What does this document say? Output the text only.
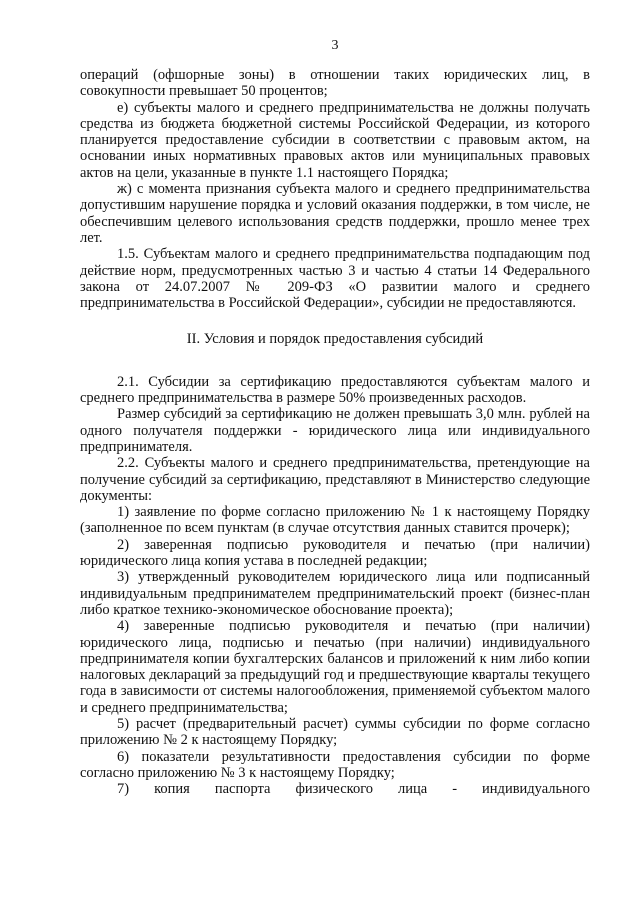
3

операций (офшорные зоны) в отношении таких юридических лиц, в совокупности превышает 50 процентов;

е) субъекты малого и среднего предпринимательства не должны получать средства из бюджета бюджетной системы Российской Федерации, из которого планируется предоставление субсидии в соответствии с правовым актом, на основании иных нормативных правовых актов или муниципальных правовых актов на цели, указанные в пункте 1.1 настоящего Порядка;

ж) с момента признания субъекта малого и среднего предпринимательства допустившим нарушение порядка и условий оказания поддержки, в том числе, не обеспечившим целевого использования средств поддержки, прошло менее трех лет.

1.5. Субъектам малого и среднего предпринимательства подпадающим под действие норм, предусмотренных частью 3 и частью 4 статьи 14 Федерального закона от 24.07.2007 № 209-ФЗ «О развитии малого и среднего предпринимательства в Российской Федерации», субсидии не предоставляются.

II. Условия и порядок предоставления субсидий

2.1. Субсидии за сертификацию предоставляются субъектам малого и среднего предпринимательства в размере 50% произведенных расходов.

Размер субсидий за сертификацию не должен превышать 3,0 млн. рублей на одного получателя поддержки - юридического лица или индивидуального предпринимателя.

2.2. Субъекты малого и среднего предпринимательства, претендующие на получение субсидий за сертификацию, представляют в Министерство следующие документы:

1) заявление по форме согласно приложению № 1 к настоящему Порядку (заполненное по всем пунктам (в случае отсутствия данных ставится прочерк);

2) заверенная подписью руководителя и печатью (при наличии) юридического лица копия устава в последней редакции;

3) утвержденный руководителем юридического лица или подписанный индивидуальным предпринимателем предпринимательский проект (бизнес-план либо краткое технико-экономическое обоснование проекта);

4) заверенные подписью руководителя и печатью (при наличии) юридического лица, подписью и печатью (при наличии) индивидуального предпринимателя копии бухгалтерских балансов и приложений к ним либо копии налоговых деклараций за предыдущий год и предшествующие кварталы текущего года в зависимости от системы налогообложения, применяемой субъектом малого и среднего предпринимательства;

5) расчет (предварительный расчет) суммы субсидии по форме согласно приложению № 2 к настоящему Порядку;

6) показатели результативности предоставления субсидии по форме согласно приложению № 3 к настоящему Порядку;

7) копия паспорта физического лица - индивидуального
